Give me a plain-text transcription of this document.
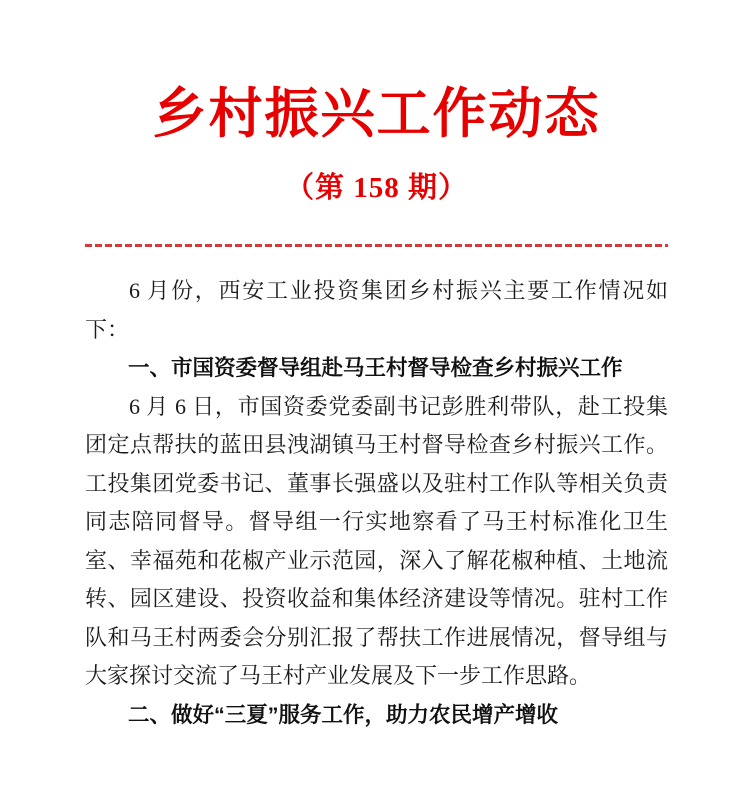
乡村振兴工作动态
（第 158 期）
6 月份，西安工业投资集团乡村振兴主要工作情况如下：
一、市国资委督导组赴马王村督导检查乡村振兴工作
6 月 6 日，市国资委党委副书记彭胜利带队，赴工投集团定点帮扶的蓝田县洩湖镇马王村督导检查乡村振兴工作。工投集团党委书记、董事长强盛以及驻村工作队等相关负责同志陪同督导。督导组一行实地察看了马王村标准化卫生室、幸福苑和花椒产业示范园，深入了解花椒种植、土地流转、园区建设、投资收益和集体经济建设等情况。驻村工作队和马王村两委会分别汇报了帮扶工作进展情况，督导组与大家探讨交流了马王村产业发展及下一步工作思路。
二、做好“三夏”服务工作，助力农民增产增收
